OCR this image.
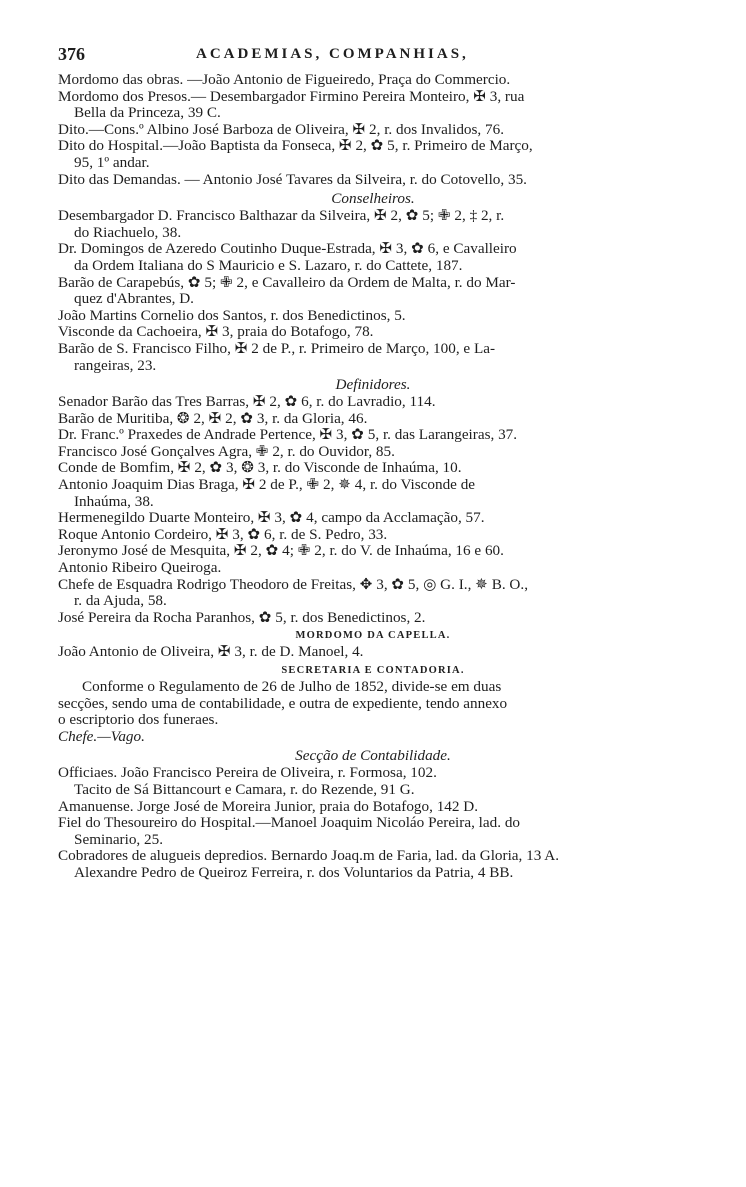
376	ACADEMIAS, COMPANHIAS,
Mordomo das obras. —João Antonio de Figueiredo, Praça do Commercio.
Mordomo dos Presos.— Desembargador Firmino Pereira Monteiro, ✠ 3, rua
Bella da Princeza, 39 C.
Dito.—Cons.º Albino José Barboza de Oliveira, ✠ 2, r. dos Invalidos, 76.
Dito do Hospital.—João Baptista da Fonseca, ✠ 2, ✿ 5, r. Primeiro de Março,
95, 1º andar.
Dito das Demandas. — Antonio José Tavares da Silveira, r. do Cotovello, 35.
Conselheiros.
Desembargador D. Francisco Balthazar da Silveira, ✠ 2, ✿ 5; ✙ 2, ‡ 2, r.
do Riachuelo, 38.
Dr. Domingos de Azeredo Coutinho Duque-Estrada, ✠ 3, ✿ 6, e Cavalleiro
da Ordem Italiana do S Mauricio e S. Lazaro, r. do Cattete, 187.
Barão de Carapebús, ✿ 5; ✙ 2, e Cavalleiro da Ordem de Malta, r. do Mar-
quez d'Abrantes, D.
João Martins Cornelio dos Santos, r. dos Benedictinos, 5.
Visconde da Cachoeira, ✠ 3, praia do Botafogo, 78.
Barão de S. Francisco Filho, ✠ 2 de P., r. Primeiro de Março, 100, e La-
rangeiras, 23.
Definidores.
Senador Barão das Tres Barras, ✠ 2, ✿ 6, r. do Lavradio, 114.
Barão de Muritiba, ❂ 2, ✠ 2, ✿ 3, r. da Gloria, 46.
Dr. Franc.º Praxedes de Andrade Pertence, ✠ 3, ✿ 5, r. das Larangeiras, 37.
Francisco José Gonçalves Agra, ✙ 2, r. do Ouvidor, 85.
Conde de Bomfim, ✠ 2, ✿ 3, ❂ 3, r. do Visconde de Inhaúma, 10.
Antonio Joaquim Dias Braga, ✠ 2 de P., ✙ 2, ✵ 4, r. do Visconde de
Inhaúma, 38.
Hermenegildo Duarte Monteiro, ✠ 3, ✿ 4, campo da Acclamação, 57.
Roque Antonio Cordeiro, ✠ 3, ✿ 6, r. de S. Pedro, 33.
Jeronymo José de Mesquita, ✠ 2, ✿ 4; ✙ 2, r. do V. de Inhaúma, 16 e 60.
Antonio Ribeiro Queiroga.
Chefe de Esquadra Rodrigo Theodoro de Freitas, ✥ 3, ✿ 5, ◎ G. I., ✵ B. O.,
r. da Ajuda, 58.
José Pereira da Rocha Paranhos, ✿ 5, r. dos Benedictinos, 2.
MORDOMO DA CAPELLA.
João Antonio de Oliveira, ✠ 3, r. de D. Manoel, 4.
SECRETARIA E CONTADORIA.
Conforme o Regulamento de 26 de Julho de 1852, divide-se em duas
secções, sendo uma de contabilidade, e outra de expediente, tendo annexo
o escriptorio dos funeraes.
Chefe.—Vago.
Secção de Contabilidade.
Officiaes. João Francisco Pereira de Oliveira, r. Formosa, 102.
Tacito de Sá Bittancourt e Camara, r. do Rezende, 91 G.
Amanuense. Jorge José de Moreira Junior, praia do Botafogo, 142 D.
Fiel do Thesoureiro do Hospital.—Manoel Joaquim Nicoláo Pereira, lad. do
Seminario, 25.
Cobradores de alugueis depredios. Bernardo Joaq.m de Faria, lad. da Gloria, 13 A.
Alexandre Pedro de Queiroz Ferreira, r. dos Voluntarios da Patria, 4 BB.
